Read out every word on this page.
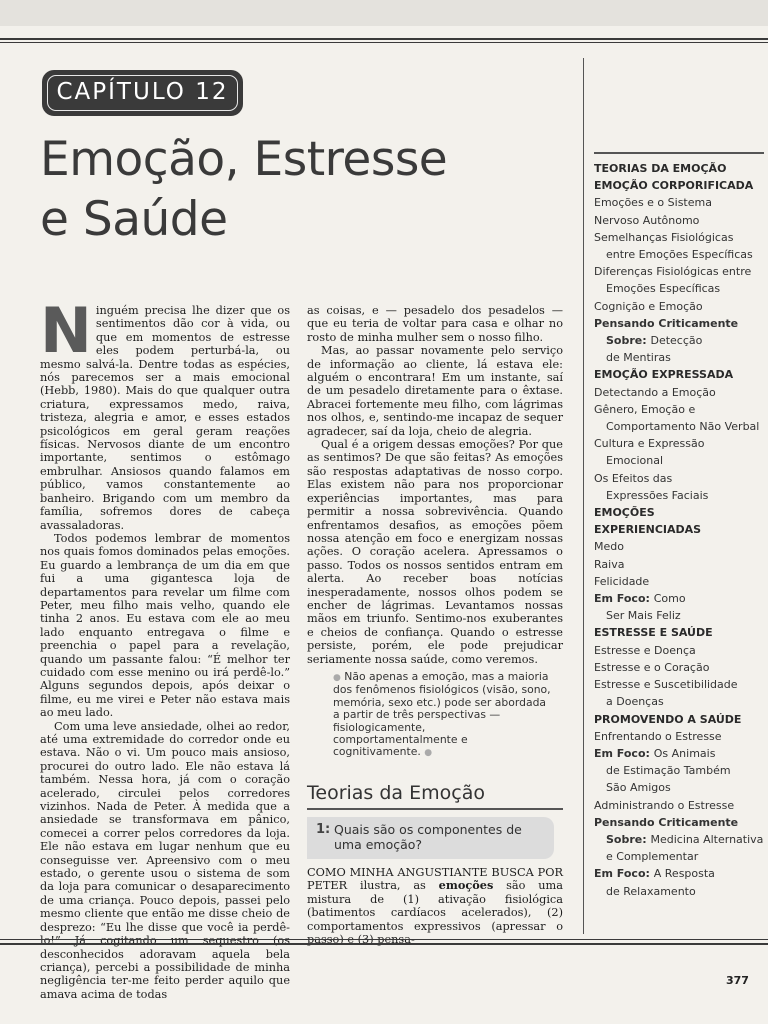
CAPÍTULO 12
Emoção, Estresse
e Saúde

Ninguém precisa lhe dizer que os sentimentos dão cor à vida, ou que em momentos de estresse eles podem perturbá-la, ou mesmo salvá-la. Dentre todas as espécies, nós parecemos ser a mais emocional (Hebb, 1980). Mais do que qualquer outra criatura, expressamos medo, raiva, tristeza, alegria e amor, e esses estados psicológicos em geral geram reações físicas. Nervosos diante de um encontro importante, sentimos o estômago embrulhar. Ansiosos quando falamos em público, vamos constantemente ao banheiro. Brigando com um membro da família, sofremos dores de cabeça avassaladoras.

Todos podemos lembrar de momentos nos quais fomos dominados pelas emoções. Eu guardo a lembrança de um dia em que fui a uma gigantesca loja de departamentos para revelar um filme com Peter, meu filho mais velho, quando ele tinha 2 anos. Eu estava com ele ao meu lado enquanto entregava o filme e preenchia o papel para a revelação, quando um passante falou: “É melhor ter cuidado com esse menino ou irá perdê-lo.” Alguns segundos depois, após deixar o filme, eu me virei e Peter não estava mais ao meu lado.

Com uma leve ansiedade, olhei ao redor, até uma extremidade do corredor onde eu estava. Não o vi. Um pouco mais ansioso, procurei do outro lado. Ele não estava lá também. Nessa hora, já com o coração acelerado, circulei pelos corredores vizinhos. Nada de Peter. À medida que a ansiedade se transformava em pânico, comecei a correr pelos corredores da loja. Ele não estava em lugar nenhum que eu conseguisse ver. Apreensivo com o meu estado, o gerente usou o sistema de som da loja para comunicar o desaparecimento de uma criança. Pouco depois, passei pelo mesmo cliente que então me disse cheio de desprezo: “Eu lhe disse que você ia perdê-lo!” Já cogitando um sequestro (os desconhecidos adoravam aquela bela criança), percebi a possibilidade de minha negligência ter-me feito perder aquilo que amava acima de todas

as coisas, e — pesadelo dos pesadelos — que eu teria de voltar para casa e olhar no rosto de minha mulher sem o nosso filho.

Mas, ao passar novamente pelo serviço de informação ao cliente, lá estava ele: alguém o encontrara! Em um instante, saí de um pesadelo diretamente para o êxtase. Abracei fortemente meu filho, com lágrimas nos olhos, e, sentindo-me incapaz de sequer agradecer, saí da loja, cheio de alegria.

Qual é a origem dessas emoções? Por que as sentimos? De que são feitas? As emoções são respostas adaptativas de nosso corpo. Elas existem não para nos proporcionar experiências importantes, mas para permitir a nossa sobrevivência. Quando enfrentamos desafios, as emoções põem nossa atenção em foco e energizam nossas ações. O coração acelera. Apressamos o passo. Todos os nossos sentidos entram em alerta. Ao receber boas notícias inesperadamente, nossos olhos podem se encher de lágrimas. Levantamos nossas mãos em triunfo. Sentimo-nos exuberantes e cheios de confiança. Quando o estresse persiste, porém, ele pode prejudicar seriamente nossa saúde, como veremos.

● Não apenas a emoção, mas a maioria dos fenômenos fisiológicos (visão, sono, memória, sexo etc.) pode ser abordada a partir de três perspectivas — fisiologicamente, comportamentalmente e cognitivamente. ●
Teorias da Emoção
1: Quais são os componentes de uma emoção?

COMO MINHA ANGUSTIANTE BUSCA POR PETER ilustra, as emoções são uma mistura de (1) ativação fisiológica (batimentos cardíacos acelerados), (2) comportamentos expressivos (apressar o passo) e (3) pensa-

TEORIAS DA EMOÇÃO
EMOÇÃO CORPORIFICADA
Emoções e o Sistema
Nervoso Autônomo
Semelhanças Fisiológicas
entre Emoções Específicas
Diferenças Fisiológicas entre
Emoções Específicas
Cognição e Emoção
Pensando Criticamente
Sobre: Detecção
de Mentiras
EMOÇÃO EXPRESSADA
Detectando a Emoção
Gênero, Emoção e
Comportamento Não Verbal
Cultura e Expressão
Emocional
Os Efeitos das
Expressões Faciais
EMOÇÕES
EXPERIENCIADAS
Medo
Raiva
Felicidade
Em Foco: Como
Ser Mais Feliz
ESTRESSE E SAÚDE
Estresse e Doença
Estresse e o Coração
Estresse e Suscetibilidade
a Doenças
PROMOVENDO A SAÚDE
Enfrentando o Estresse
Em Foco: Os Animais
de Estimação Também
São Amigos
Administrando o Estresse
Pensando Criticamente
Sobre: Medicina Alternativa
e Complementar
Em Foco: A Resposta
de Relaxamento
377
